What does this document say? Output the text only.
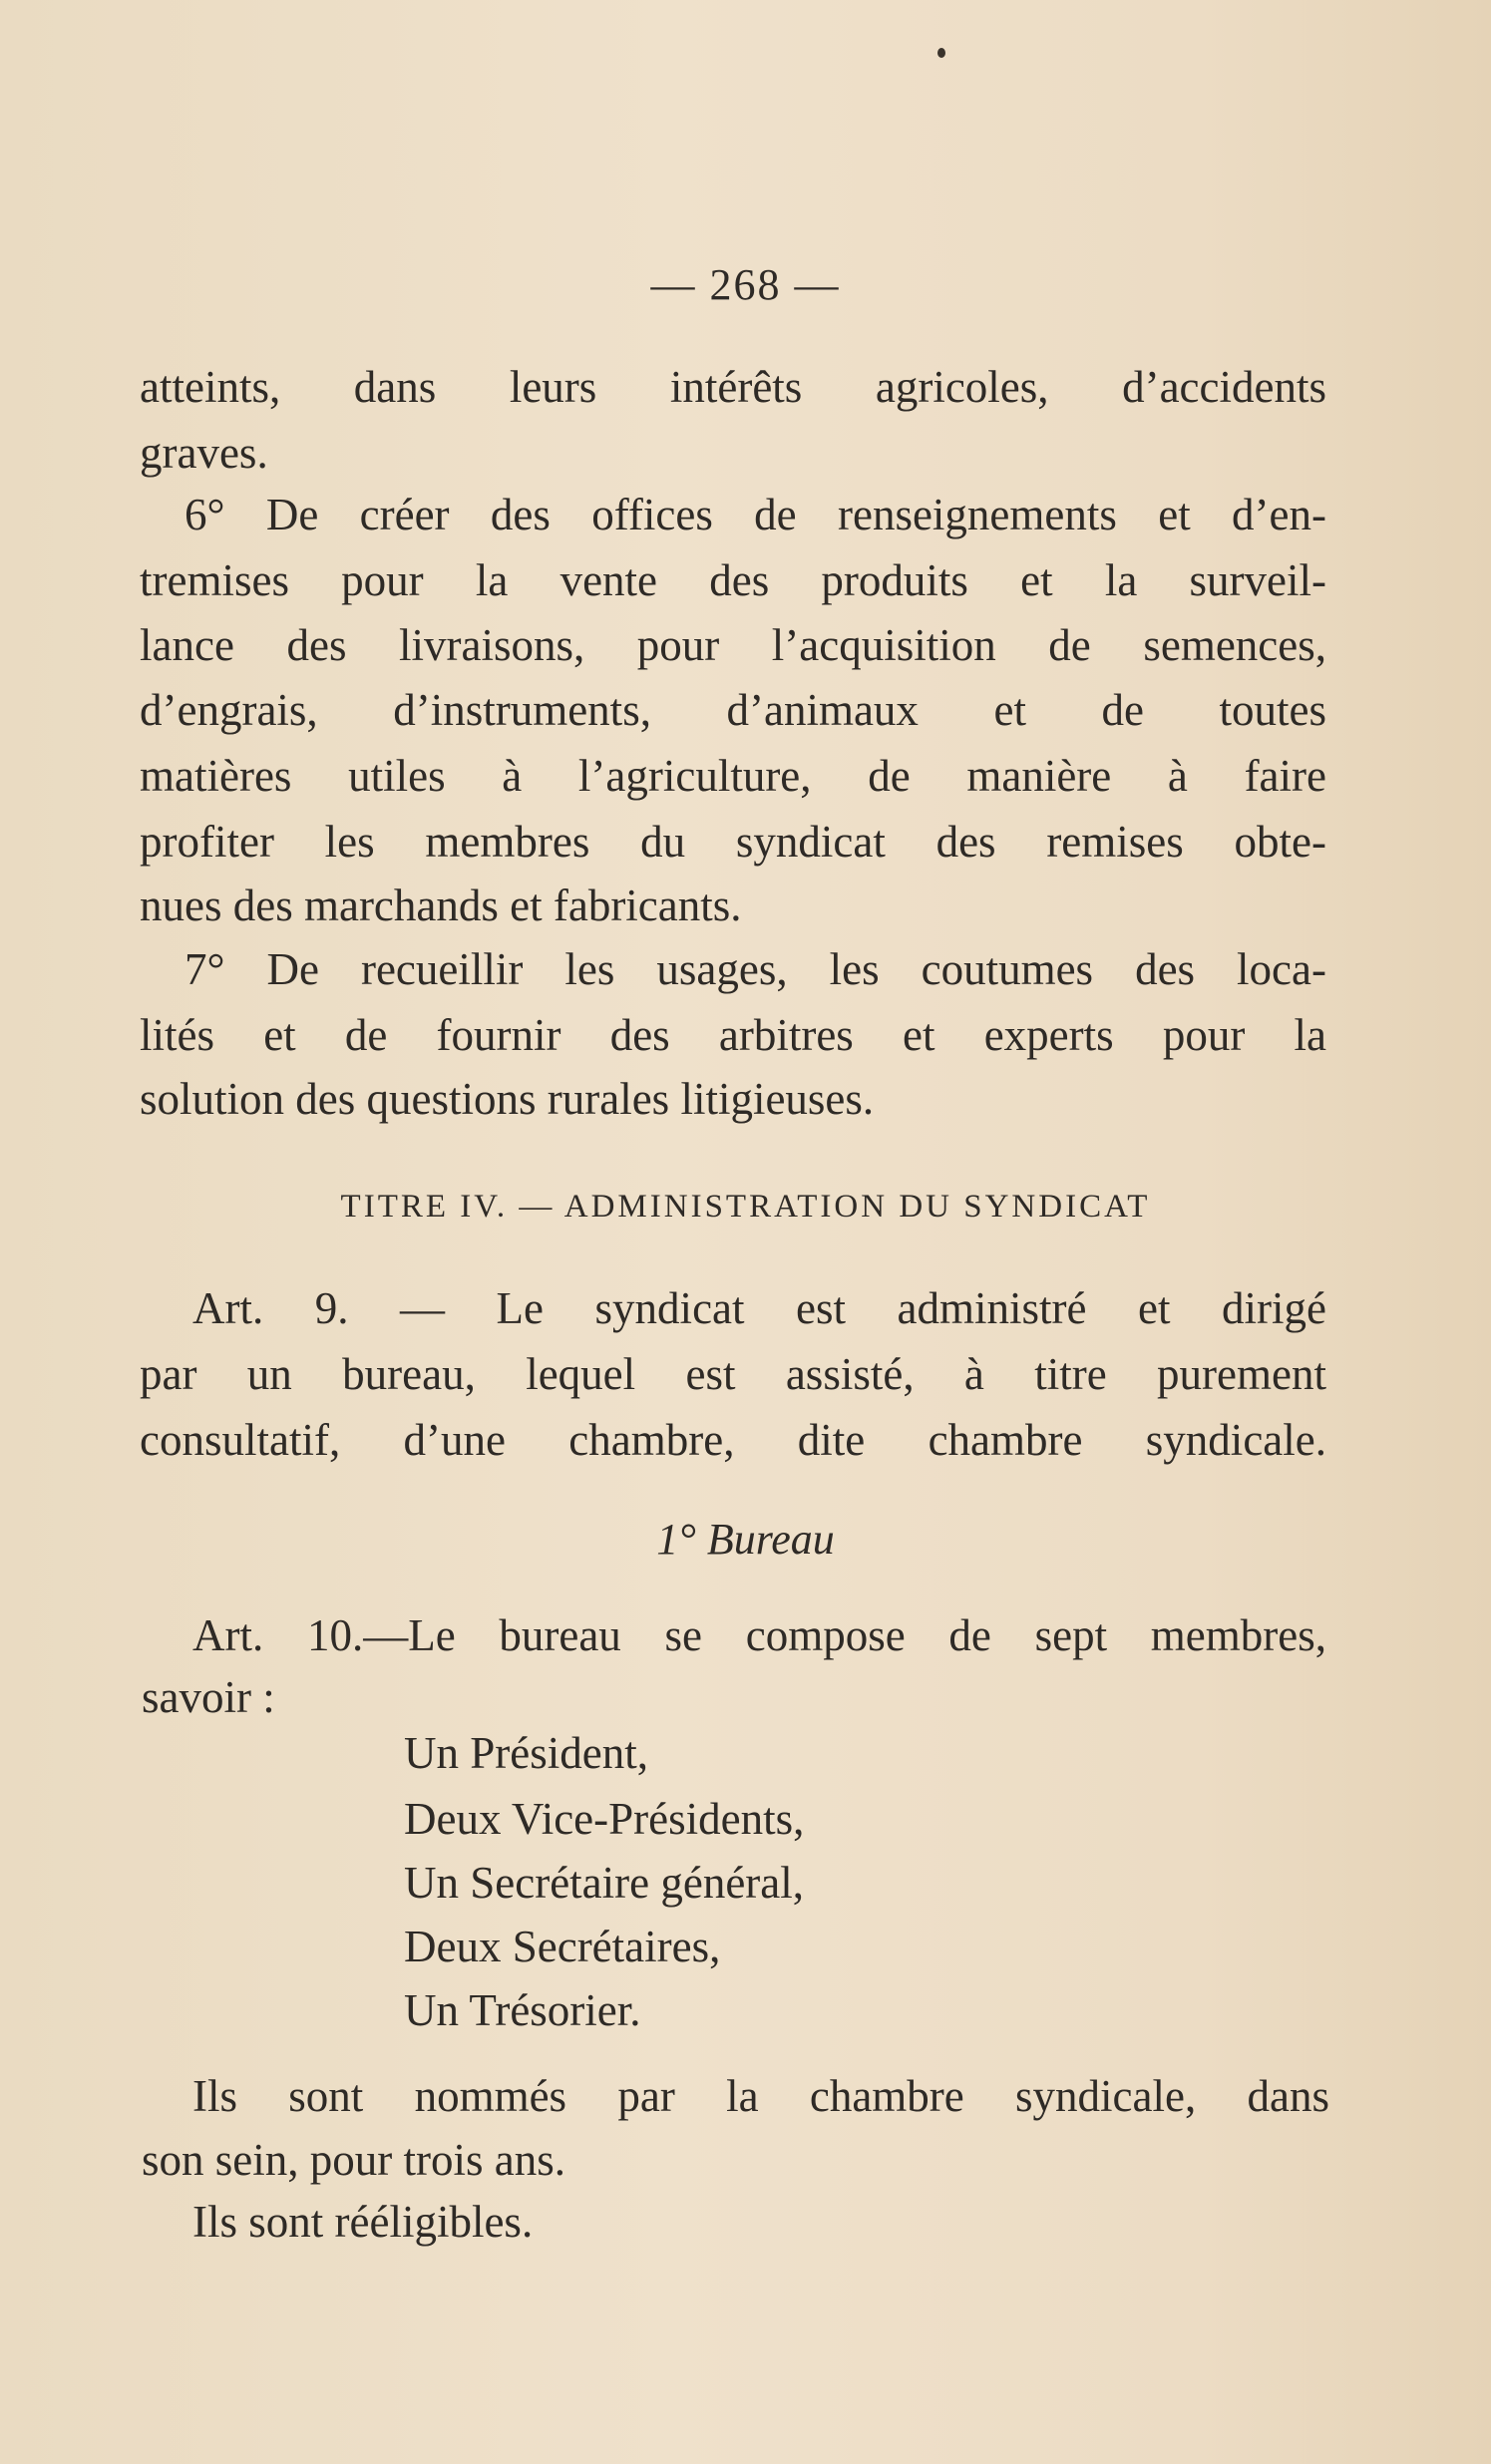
— 268 —
atteints, dans leurs intérêts agricoles, d’accidents
graves.
6° De créer des offices de renseignements et d’en-
tremises pour la vente des produits et la surveil-
lance des livraisons, pour l’acquisition de semences,
d’engrais, d’instruments, d’animaux et de toutes
matières utiles à l’agriculture, de manière à faire
profiter les membres du syndicat des remises obte-
nues des marchands et fabricants.
7° De recueillir les usages, les coutumes des loca-
lités et de fournir des arbitres et experts pour la
solution des questions rurales litigieuses.
TITRE IV. — ADMINISTRATION DU SYNDICAT
Art. 9. — Le syndicat est administré et dirigé
par un bureau, lequel est assisté, à titre purement
consultatif, d’une chambre, dite chambre syndicale.
1° Bureau
Art. 10.—Le bureau se compose de sept membres,
savoir :
Un Président,
Deux Vice-Présidents,
Un Secrétaire général,
Deux Secrétaires,
Un Trésorier.
Ils sont nommés par la chambre syndicale, dans
son sein, pour trois ans.
Ils sont rééligibles.
